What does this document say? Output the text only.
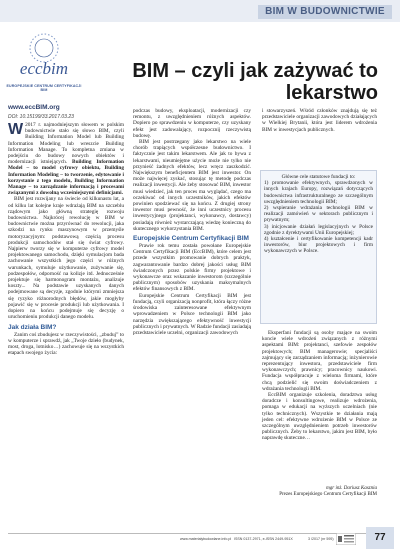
BIM W BUDOWNICTWIE
eccbim
EUROPEJSKIE CENTRUM CERTYFIKACJI BIM
www.eccBIM.org
BIM – czyli jak zażywać to lekarstwo
DOI: 10.15199/33.2017.03.23

W 2017 r. najmodniejszym słowem w polskim budownictwie stało się słowo BIM, czyli Building Information Model lub Building Information Modeling lub wreszcie Building Information Manage. To kompletna zmiana w podejściu do budowy nowych obiektów i modernizacji istniejących. Building Information Model – to model cyfrowy obiektu, Building Information Modeling – to tworzenie, edytowanie i korzystanie z tego modelu, Building Information Manage – to zarządzanie informacją i procesami związanymi z dowolną wcześniejszymi definicjami.

BIM jest rozwijany na świecie od kilkunastu lat, a od kilku lat kolejne kraje wdrażają BIM na szczeblu rządowym jako główną strategię rozwoju budownictwa. Najkrócej rewolucję w BIM w budownictwie można przyrównać do rewolucji, jaka szkodzi na rynku maszynowym w przemyśle motoryzacyjnym: podstawową częścią procesu produkcji samochodów stał się świat cyfrowy. Najpierw tworzy się w komputerze cyfrowy model projektowanego samochodu, dzięki symulacjom bada zachowanie wszystkich jego części w różnych warunkach, symuluje użytkowanie, zużywanie się, podzespołów, odporność na kolizje itd. Jednocześnie projektuje się harmonogram montażu, analizuje koszty... Na podstawie uzyskanych danych podejmowane są decyzje, zgodnie którymi zmniejsza się ryzyko różnorodnych błędów, jakie mogłyby pojawić się w procesie produkcji lub użytkowania. I dopiero na końcu podejmuje się decyzję o uruchomieniu produkcji danego modelu.

Jak działa BIM?

Zanim coś zbudujesz w rzeczywistości, „zbuduj” to w komputerze i sprawdź, jak „Twoje dzieło (budynek, most, droga, lotnisko…) zachowuje się na wszystkich etapach swojego życia:

podczas budowy, eksploatacji, modernizacji czy remontu, z uwzględnieniem różnych aspektów. Dopiero po sprawdzeniu w komputerze, czy uzyskany efekt jest zadowalający, rozpocznij rzeczywistą budowę.

BIM jest postrzegany jako lekarstwo na wiele chorób trapiących współczesne budownictwo. I faktycznie jest takim lekarstwem. Ale jak to bywa z lekarstwami, nieumiejętne użycie może nie tylko nie przynieść żadnych efektów, lecz wręcz zaszkodzić. Największym beneficjentem BIM jest inwestor. On może najwięcej zyskać, stosując tę metodę podczas realizacji inwestycji. Ale żeby stosować BIM, inwestor musi wiedzieć, jak ten proces ma wyglądać, czego ma oczekiwać od innych uczestników, jakich efektów powinien spodziewać się na końcu. Z drugiej strony inwestor musi pewność, że inni uczestnicy procesu inwestycyjnego (projektanci, wykonawcy, dostawcy) posiadają również wystarczającą wiedzę konieczną do skutecznego wykorzystania BIM.

Europejskie Centrum Certyfikacji BIM

Prawie rok temu została powołane Europejskie Centrum Certyfikacji BIM (EccBIM), które celem jest przede wszystkim promowanie dobrych praktyk, zagwarantowanie bardzo dobrej jakości usług BIM świadczonych przez polskie firmy projektowe i wykonawcze oraz wskazanie inwestorom (szczególnie publicznym) sposobów uzyskania maksymalnych efektów finansowych z BIM.

Europejskie Centrum Certyfikacji BIM jest fundacją, czyli organizacją nonprofit, która łączy różne środowiska zainteresowane efektywnym wprowadzeniem w Polsce technologii BIM jako narzędzia zwiększającego efektywność inwestycji publicznych i prywatnych. W Radzie fundacji zasiadają przedstawiciele uczelni, organizacji zawodowych

i stowarzyszeń. Wśród członków znajdują się też przedstawiciele organizacji zawodowych działających w Wielkiej Brytanii, która jest liderem wdrożenia BIM w inwestycjach publicznych.

Główne cele statutowe fundacji to:

1) promowanie efektywnych, sprawdzonych w innych krajach Europy, rozwiązań dotyczących budownictwa infrastrukturalnego ze szczególnym uwzględnieniem technologii BIM;

2) wspieranie wdrażania technologii BIM w realizacji zamówień w sektorach publicznym i prywatnym;

3) inicjowanie działań legislacyjnych w Polsce zgodnie z dyrektywami Unii Europejskiej;

4) kształcenie i certyfikowanie kompetencji kadr inwestorów, biur projektowych i firm wykonawczych w Polsce.

Eksperfani fundacji są osoby mające na swoim koncie wiele wdrożeń związanych z różnymi aspektami BIM: projektanci, szefowie zespołów projektowych; BIM managerowie; specjaliści zajmujący się zarządzaniem informacją; inżynierowie reprezentujący inwestora, przedstawiciele firm wykonawczych; prawnicy; pracownicy naukowi. Fundacja współpracuje z wieloma firmami, które chcą podzielić się swoim doświadczeniem z wdrażania technologii BIM.

EccBIM organizuje szkolenia, doradztwa usług doradcze i konsultingowe, realizuje wdrożenia, pomaga w edukacji na wyższych uczelniach (nie tylko technicznych). Wszystkie te działania mają jeden cel: efektywne wdrożenie BIM w Polsce ze szczególnym uwzględnieniem potrzeb inwestorów publicznych. Żeby to lekarstwo, jakim jest BIM, było naprawdę skuteczne…

mgr inż. Dariusz Kasznia
Prezes Europejskiego Centrum Certyfikacji BIM
www.materialybudowlane.info.pl ISSN 0137-2971, e-ISSN 2449-951X	3 /2017 (nr 595)	77
